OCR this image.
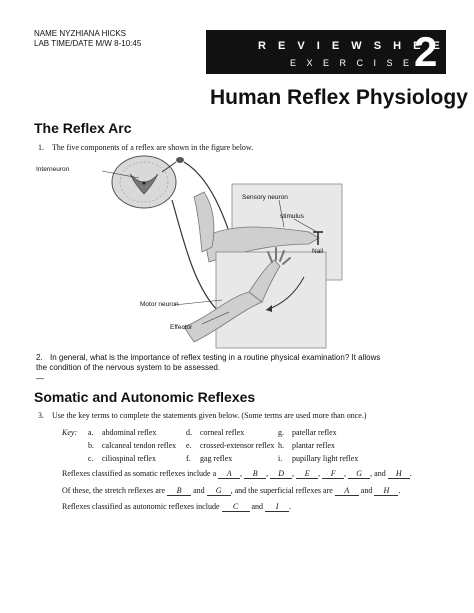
NAME NYZHIANA HICKS
LAB TIME/DATE M/W 8-10:45	R E V I E W S H E E T
E X E R C I S E 2
Human Reflex Physiology
The Reflex Arc
1. The five components of a reflex are shown in the figure below.
Interneuron
Sensory neuron
stimulus
Nail
Motor neuron
Effector
2. In general, what is the importance of reflex testing in a routine physical examination? It allows
the condition of the nervous system to be assessed.
—
Somatic and Autonomic Reflexes
3. Use the key terms to complete the statements given below. (Some terms are used more than once.)
Key: a. abdominal reflex	d. corneal reflex	g. patellar reflex
b. calcaneal tendon reflex e. crossed-extensor reflex h. plantar reflex
c. ciliospinal reflex	f. gag reflex	i. pupillary light reflex
Reflexes classified as somatic reflexes include a A , B , D , E , F , G , and H .
Of these, the stretch reflexes are B and G , and the superficial reflexes are A and H .
Reflexes classified as autonomic reflexes include C and I .
